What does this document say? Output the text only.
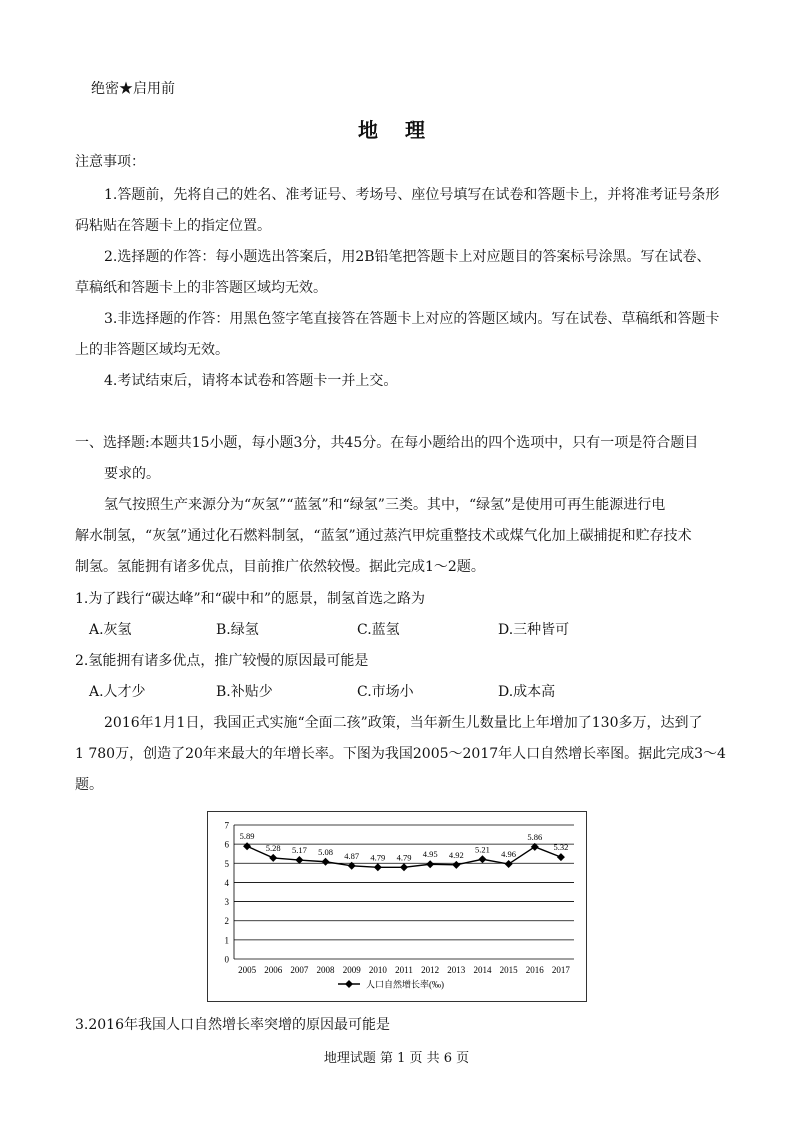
绝密★启用前
地 理
注意事项：
1.答题前，先将自己的姓名、准考证号、考场号、座位号填写在试卷和答题卡上，并将准考证号条形
码粘贴在答题卡上的指定位置。
2.选择题的作答：每小题选出答案后，用2B铅笔把答题卡上对应题目的答案标号涂黑。写在试卷、
草稿纸和答题卡上的非答题区域均无效。
3.非选择题的作答：用黑色签字笔直接答在答题卡上对应的答题区域内。写在试卷、草稿纸和答题卡
上的非答题区域均无效。
4.考试结束后，请将本试卷和答题卡一并上交。
一、选择题:本题共15小题，每小题3分，共45分。在每小题给出的四个选项中，只有一项是符合题目
要求的。
氢气按照生产来源分为“灰氢”“蓝氢”和“绿氢”三类。其中，“绿氢”是使用可再生能源进行电
解水制氢，“灰氢”通过化石燃料制氢，“蓝氢”通过蒸汽甲烷重整技术或煤气化加上碳捕捉和贮存技术
制氢。氢能拥有诸多优点，目前推广依然较慢。据此完成1～2题。
1.为了践行“碳达峰”和“碳中和”的愿景，制氢首选之路为
A.灰氢	B.绿氢	C.蓝氢	D.三种皆可
2.氢能拥有诸多优点，推广较慢的原因最可能是
A.人才少	B.补贴少	C.市场小	D.成本高
2016年1月1日，我国正式实施“全面二孩”政策，当年新生儿数量比上年增加了130多万，达到了
1 780万，创造了20年来最大的年增长率。下图为我国2005～2017年人口自然增长率图。据此完成3～4
题。
0
1
2
3
4
5
6
7
2005 2006 2007 2008 2009 2010 2011 2012 2013 2014 2015 2016 2017
5.89
5.28 5.17 5.08 4.87 4.79 4.79 4.95 4.92
5.21 4.96
5.86
5.32
人口自然增长率(‰)
3.2016年我国人口自然增长率突增的原因最可能是
地理试题 第 1 页 共 6 页
